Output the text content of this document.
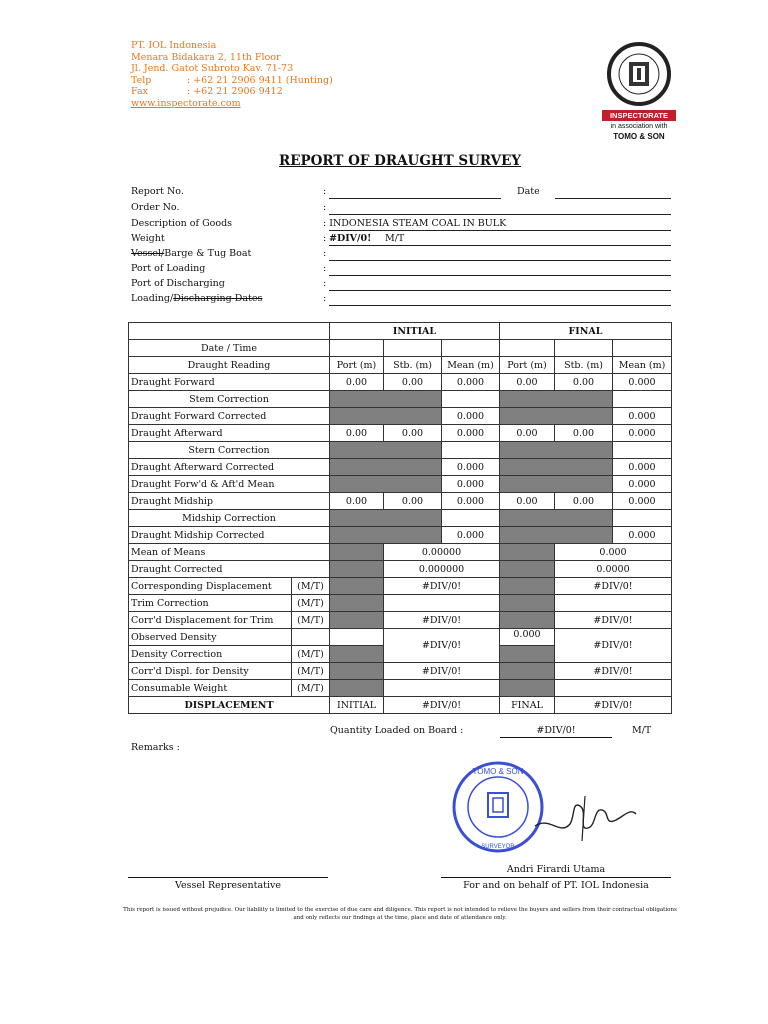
PT. IOL Indonesia
Menara Bidakara 2, 11th Floor
Jl. Jend. Gatot Subroto Kav. 71-73
Telp	: +62 21 2906 9411 (Hunting)
Fax	: +62 21 2906 9412
www.inspectorate.com
INSPECTORATE
in association with
TOMO & SON
REPORT OF DRAUGHT SURVEY
Report No.	:	Date
Order No.	:
Description of Goods	: INDONESIA STEAM COAL IN BULK
Weight	: #DIV/0! M/T
Vessel/Barge & Tug Boat	:
Port of Loading	:
Port of Discharging	:
Loading/Discharging Dates	:
		INITIAL			FINAL		
Date / Time							
Draught Reading		Port (m)	Stb. (m)	Mean (m)	Port (m)	Stb. (m)	Mean (m)
Draught Forward		0.00	0.00	0.000	0.00	0.00	0.000
Stem Correction							
Draught Forward Corrected				0.000			0.000
Draught Afterward		0.00	0.00	0.000	0.00	0.00	0.000
Stern Correction							
Draught Afterward Corrected				0.000			0.000
Draught Forw'd & Aft'd Mean				0.000			0.000
Draught Midship		0.00	0.00	0.000	0.00	0.00	0.000
Midship Correction							
Draught Midship Corrected				0.000			0.000
Mean of Means			0.00000			0.000	
Draught Corrected			0.000000			0.0000	
Corresponding Displacement	(M/T)		#DIV/0!			#DIV/0!	
Trim Correction	(M/T)						
Corr'd Displacement for Trim	(M/T)		#DIV/0!			#DIV/0!	
Observed Density			#DIV/0!		0.000	#DIV/0!	
Density Correction	(M/T)						
Corr'd Displ. for Density	(M/T)		#DIV/0!			#DIV/0!	
Consumable Weight	(M/T)						
DISPLACEMENT		INITIAL	#DIV/0!		FINAL	#DIV/0!	
Quantity Loaded on Board :	#DIV/0!	M/T
Remarks :
TOMO & SON
SURVEYOR
Andri Firardi Utama
Vessel Representative	For and on behalf of PT. IOL Indonesia
This report is issued without prejudice. Our liability is limited to the exercise of due care and diligence. This report is not intended to relieve the buyers and sellers from their contractual obligations
and only reflects our findings at the time, place and date of attendance only.
